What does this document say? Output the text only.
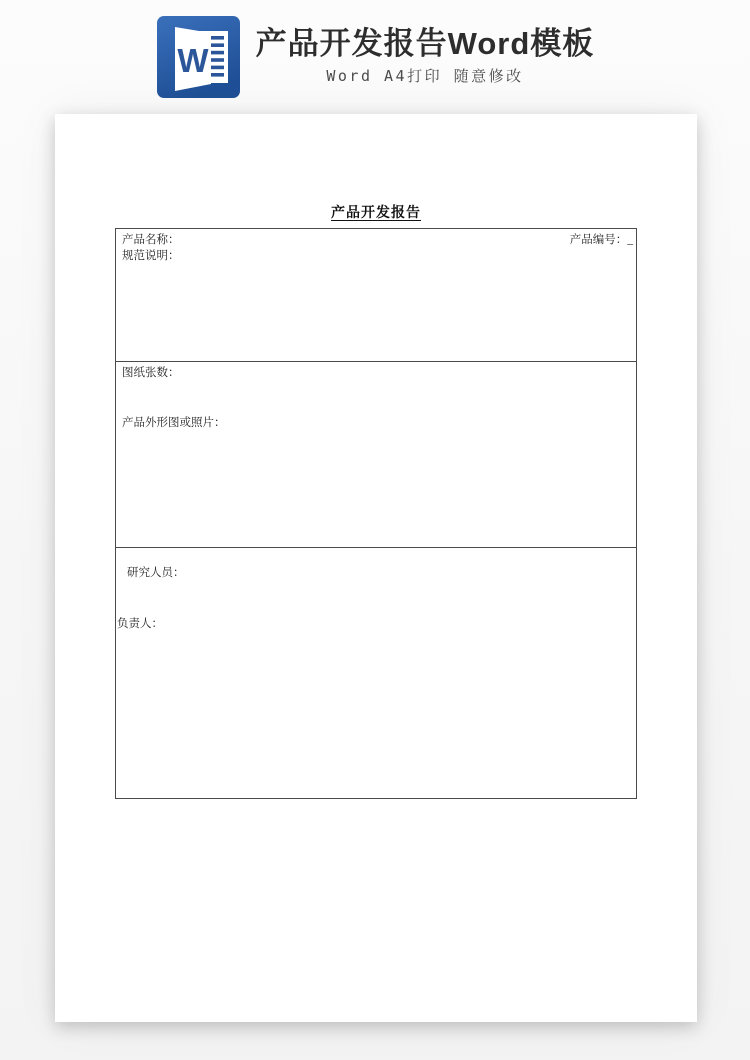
W 产品开发报告Word模板
Word A4打印 随意修改
产品开发报告
产品名称：	产品编号：_
规范说明：
图纸张数：
产品外形图或照片：
研究人员：
负责人：
